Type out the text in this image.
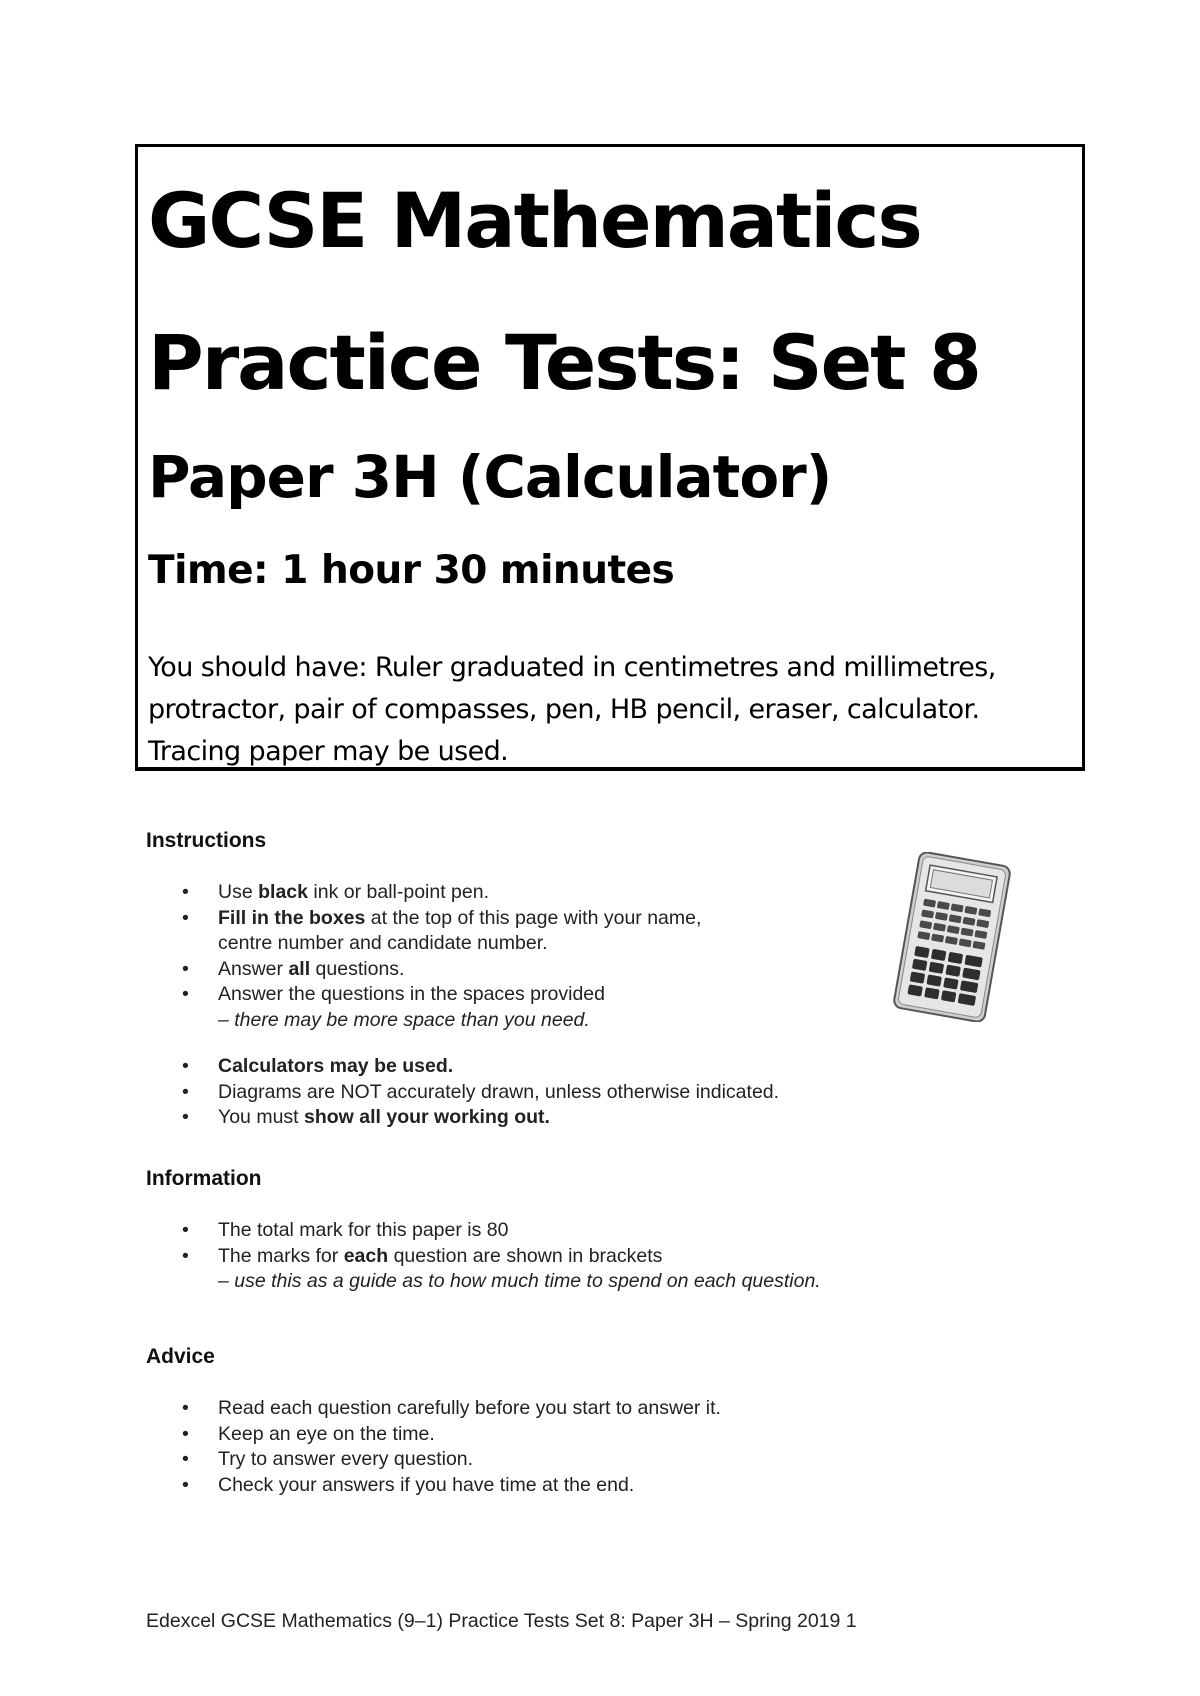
GCSE Mathematics
Practice Tests: Set 8
Paper 3H (Calculator)
Time: 1 hour 30 minutes
You should have: Ruler graduated in centimetres and millimetres, protractor, pair of compasses, pen, HB pencil, eraser, calculator. Tracing paper may be used.
Instructions
• Use black ink or ball-point pen.
• Fill in the boxes at the top of this page with your name,
centre number and candidate number.
• Answer all questions.
• Answer the questions in the spaces provided
– there may be more space than you need.
• Calculators may be used.
• Diagrams are NOT accurately drawn, unless otherwise indicated.
• You must show all your working out.
Information
• The total mark for this paper is 80
• The marks for each question are shown in brackets
– use this as a guide as to how much time to spend on each question.
Advice
• Read each question carefully before you start to answer it.
• Keep an eye on the time.
• Try to answer every question.
• Check your answers if you have time at the end.
Edexcel GCSE Mathematics (9–1) Practice Tests Set 8: Paper 3H – Spring 2019 1
